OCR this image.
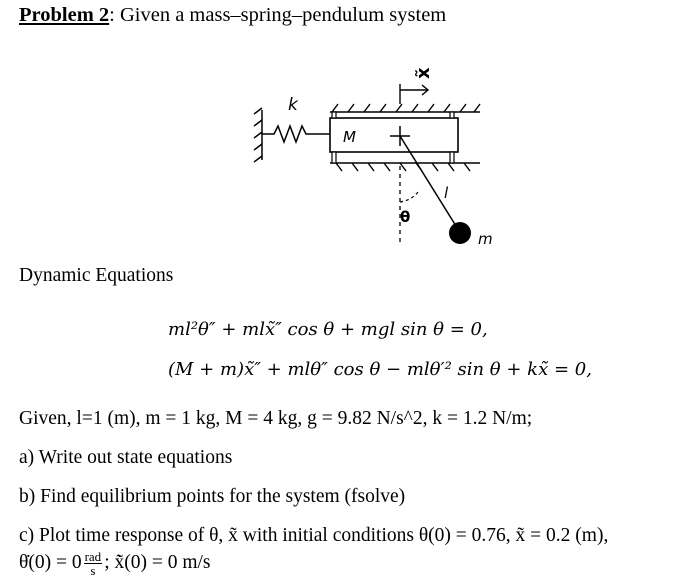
Problem 2: Given a mass–spring–pendulum system
k
M
x̃
θ
l
m
Dynamic Equations
ml²θ″ + mlx̃″ cos θ + mgl sin θ = 0,
(M + m)x̃″ + mlθ″ cos θ − mlθ′² sin θ + kx̃ = 0,
Given, l=1 (m), m = 1 kg, M = 4 kg, g = 9.82 N/s^2, k = 1.2 N/m;
a) Write out state equations
b) Find equilibrium points for the system (fsolve)
c) Plot time response of θ, x̃ with initial conditions θ(0) = 0.76, x̃ = 0.2 (m),
θ̇(0) = $0 \frac{\text{rad}}{s}$ ; x̃̇(0) = 0 m/s
